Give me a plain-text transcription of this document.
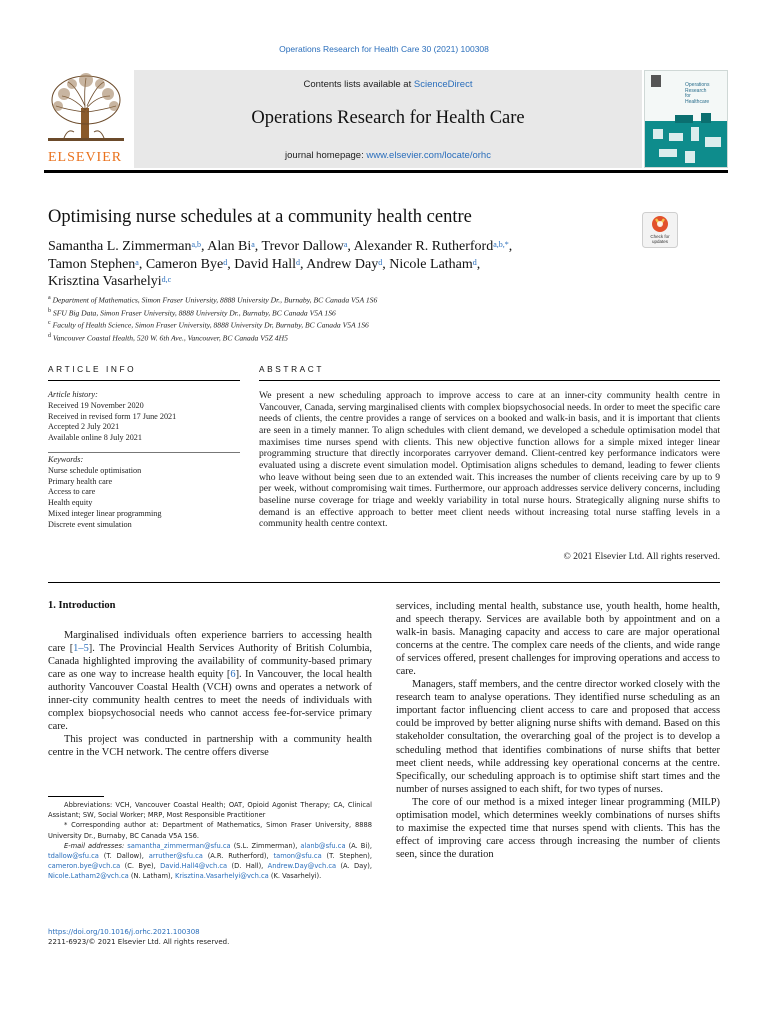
Operations Research for Health Care 30 (2021) 100308
ELSEVIER
Contents lists available at ScienceDirect
Operations Research for Health Care
journal homepage: www.elsevier.com/locate/orhc
Operations
Research
for
Healthcare
Optimising nurse schedules at a community health centre
Check for
updates
Samantha L. Zimmerman$^{a,b}$, Alan Bi$^a$, Trevor Dallow$^a$, Alexander R. Rutherford$^{a,b,*}$,
Tamon Stephen$^a$, Cameron Bye$^d$, David Hall$^d$, Andrew Day$^d$, Nicole Latham$^d$,
Krisztina Vasarhelyi$^{d,c}$
$^a$ Department of Mathematics, Simon Fraser University, 8888 University Dr., Burnaby, BC Canada V5A 1S6
$^b$ SFU Big Data, Simon Fraser University, 8888 University Dr., Burnaby, BC Canada V5A 1S6
$^c$ Faculty of Health Science, Simon Fraser University, 8888 University Dr, Burnaby, BC Canada V5A 1S6
$^d$ Vancouver Coastal Health, 520 W. 6th Ave., Vancouver, BC Canada V5Z 4H5
ARTICLE INFO
Article history:
Received 19 November 2020
Received in revised form 17 June 2021
Accepted 2 July 2021
Available online 8 July 2021
Keywords:
Nurse schedule optimisation
Primary health care
Access to care
Health equity
Mixed integer linear programming
Discrete event simulation
ABSTRACT
We present a new scheduling approach to improve access to care at an inner-city community health centre in Vancouver, Canada, serving marginalised clients with complex biopsychosocial needs. In order to meet the specific care needs of clients, the centre provides a range of services on a booked and walk-in basis, and it is important that clients are seen in a timely manner. To align schedules with client demand, we developed a schedule optimisation model that maximises time nurses spend with clients. This new objective function allows for a simple mixed integer linear programming structure that directly incorporates carryover demand. Client-centred key performance indicators were evaluated using a discrete event simulation model. Optimisation aligns schedules to demand, leading to fewer clients who leave without being seen due to an extended wait. This increases the number of clients receiving care by up to 9 per week, without compromising wait times. Furthermore, our approach addresses service delivery concerns, including baseline nurse coverage for triage and weekly variability in total nurse hours. Strategically aligning nurse shifts to demand is an effective approach to better meet client needs without increasing total nurse staffing levels in a community health centre context.
© 2021 Elsevier Ltd. All rights reserved.
1. Introduction

Marginalised individuals often experience barriers to accessing health care [1–5]. The Provincial Health Services Authority of British Columbia, Canada highlighted improving the availability of community-based primary care as one way to increase health equity [6]. In Vancouver, the local health authority Vancouver Coastal Health (VCH) owns and operates a network of inner-city community health centres to meet the needs of individuals with complex biopsychosocial needs who cannot access fee-for-service primary care.

This project was conducted in partnership with a community health centre in the VCH network. The centre offers diverse

services, including mental health, substance use, youth health, home health, and speech therapy. Services are available both by appointment and on a walk-in basis. Managing capacity and access to care are major operational concerns at the centre. The complex care needs of the clients, and wide range of services offered, present challenges for improving operations and access to care.

Managers, staff members, and the centre director worked closely with the research team to analyse operations. They identified nurse scheduling as an important factor influencing client access to care and proposed that access could be improved by better aligning nurse shifts with demand. Based on this stakeholder consultation, the overarching goal of the project is to develop a scheduling method that identifies combinations of nurse shifts that better meet client needs, while addressing key operational concerns at the centre. Specifically, our scheduling approach is to optimise shift start times and the number of nurses assigned to each shift, for two types of nurses.

The core of our method is a mixed integer linear programming (MILP) optimisation model, which determines weekly combinations of nurses shifts to maximise the expected time that nurses spend with clients. This has the effect of improving care access through increasing the number of clients seen, since the duration

Abbreviations: VCH, Vancouver Coastal Health; OAT, Opioid Agonist Therapy; CA, Clinical Assistant; SW, Social Worker; MRP, Most Responsible Practitioner

* Corresponding author at: Department of Mathematics, Simon Fraser University, 8888 University Dr., Burnaby, BC Canada V5A 1S6.

E-mail addresses: samantha_zimmerman@sfu.ca (S.L. Zimmerman), alanb@sfu.ca (A. Bi), tdallow@sfu.ca (T. Dallow), arruther@sfu.ca (A.R. Rutherford), tamon@sfu.ca (T. Stephen), cameron.bye@vch.ca (C. Bye), David.Hall4@vch.ca (D. Hall), Andrew.Day@vch.ca (A. Day), Nicole.Latham2@vch.ca (N. Latham), Krisztina.Vasarhelyi@vch.ca (K. Vasarhelyi).

https://doi.org/10.1016/j.orhc.2021.100308
2211-6923/© 2021 Elsevier Ltd. All rights reserved.
